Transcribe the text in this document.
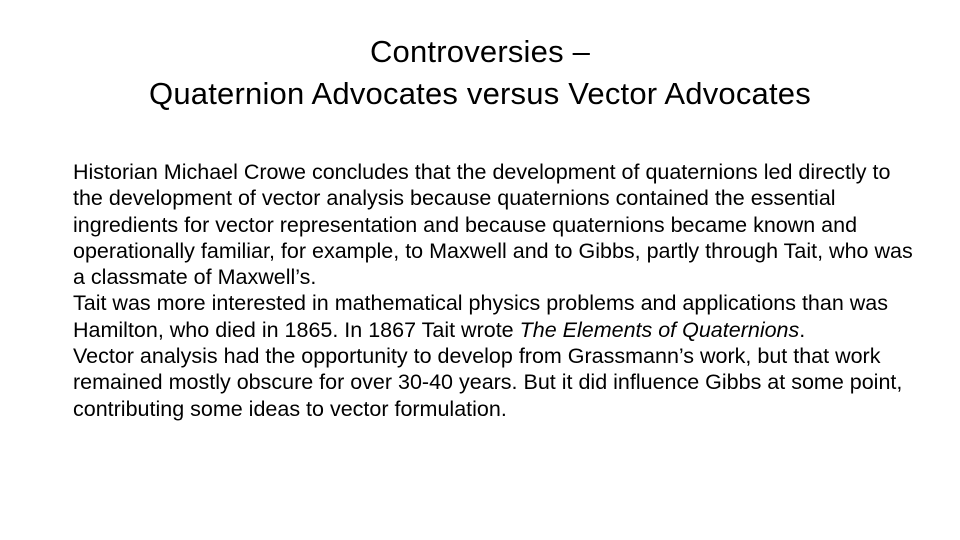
Controversies –
Quaternion Advocates versus Vector Advocates

Historian Michael Crowe concludes that the development of quaternions led directly to the development of vector analysis because quaternions contained the essential ingredients for vector representation and because quaternions became known and operationally familiar, for example, to Maxwell and to Gibbs, partly through Tait, who was a classmate of Maxwell’s.

Tait was more interested in mathematical physics problems and applications than was Hamilton, who died in 1865. In 1867 Tait wrote The Elements of Quaternions.

Vector analysis had the opportunity to develop from Grassmann’s work, but that work remained mostly obscure for over 30-40 years. But it did influence Gibbs at some point, contributing some ideas to vector formulation.
